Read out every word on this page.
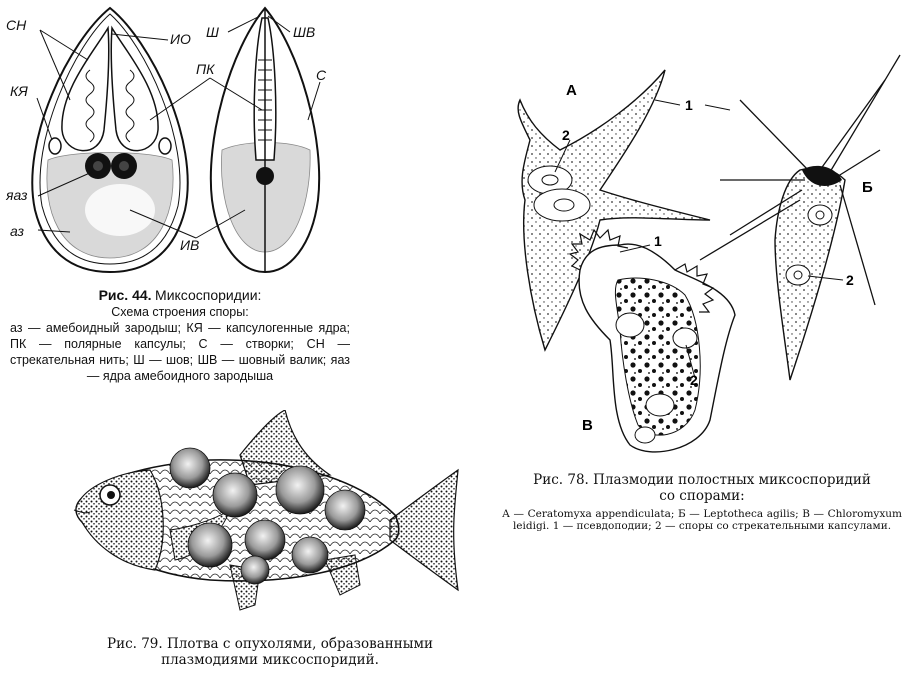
СН
ИО Ш	ШВ
КЯ
ПК	С
яаз
аз
ИВ
Рис. 44. Миксоспоридии:
Схема строения споры:
аз — амебоидный зародыш; КЯ — капсулогенные ядра; ПК — полярные капсулы; С — створки; СН — стрекательная нить; Ш — шов; ШВ — шовный валик; яаз — ядра амебоидного зародыша
А
Б
В
1
1
2
2
2
Рис. 78. Плазмодии полостных миксоспоридий
со спорами:
А — Ceratomyxa appendiculata; Б — Leptotheca agilis; В — Chloromyxum leidigi. 1 — псевдоподии; 2 — споры со стрекательными капсулами.
Рис. 79. Плотва с опухолями, образованными
плазмодиями миксоспоридий.
